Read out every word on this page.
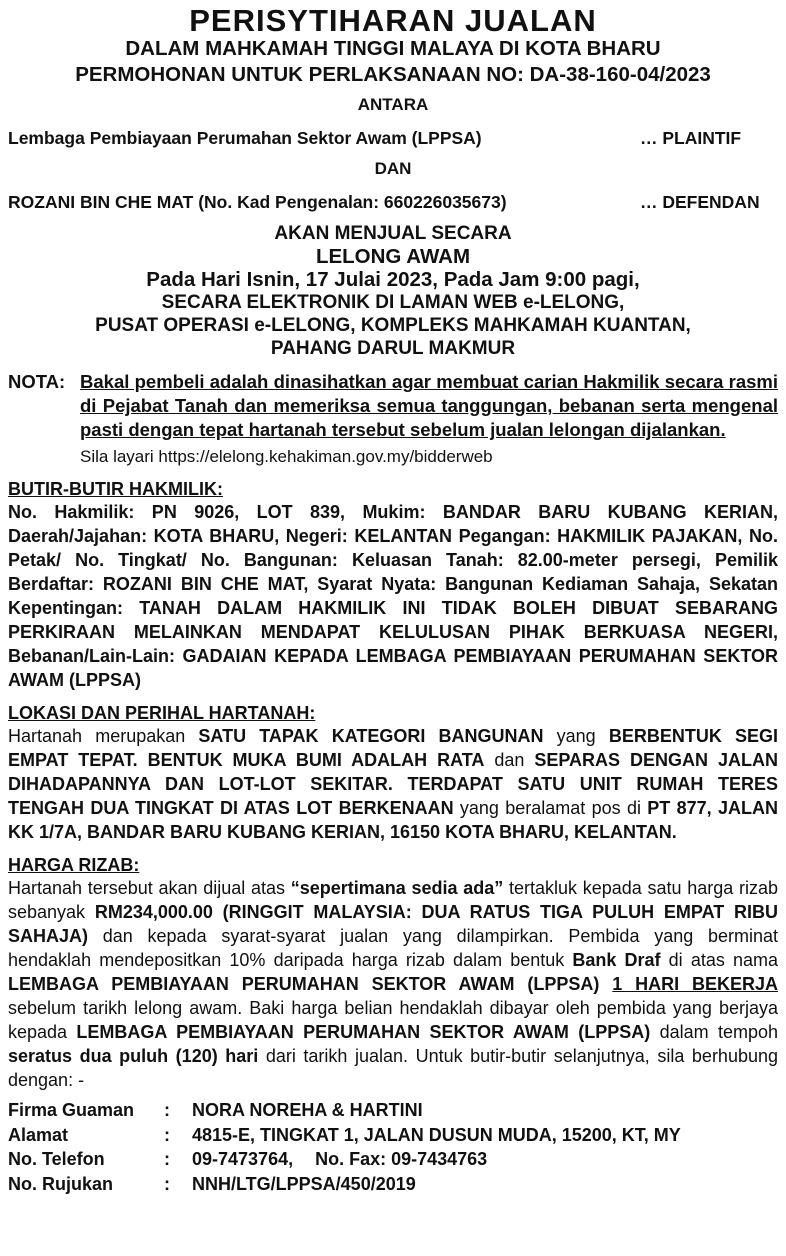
PERISYTIHARAN JUALAN
DALAM MAHKAMAH TINGGI MALAYA DI KOTA BHARU
PERMOHONAN UNTUK PERLAKSANAAN NO: DA-38-160-04/2023
ANTARA
Lembaga Pembiayaan Perumahan Sektor Awam (LPPSA)	… PLAINTIF
DAN
ROZANI BIN CHE MAT (No. Kad Pengenalan: 660226035673)	… DEFENDAN
AKAN MENJUAL SECARA
LELONG AWAM
Pada Hari Isnin, 17 Julai 2023, Pada Jam 9:00 pagi,
SECARA ELEKTRONIK DI LAMAN WEB e-LELONG,
PUSAT OPERASI e-LELONG, KOMPLEKS MAHKAMAH KUANTAN,
PAHANG DARUL MAKMUR
NOTA: Bakal pembeli adalah dinasihatkan agar membuat carian Hakmilik secara rasmi di Pejabat Tanah dan memeriksa semua tanggungan, bebanan serta mengenal pasti dengan tepat hartanah tersebut sebelum jualan lelongan dijalankan.
Sila layari https://elelong.kehakiman.gov.my/bidderweb
BUTIR-BUTIR HAKMILIK:
No. Hakmilik: PN 9026, LOT 839, Mukim: BANDAR BARU KUBANG KERIAN, Daerah/Jajahan: KOTA BHARU, Negeri: KELANTAN Pegangan: HAKMILIK PAJAKAN, No. Petak/ No. Tingkat/ No. Bangunan: Keluasan Tanah: 82.00-meter persegi, Pemilik Berdaftar: ROZANI BIN CHE MAT, Syarat Nyata: Bangunan Kediaman Sahaja, Sekatan Kepentingan: TANAH DALAM HAKMILIK INI TIDAK BOLEH DIBUAT SEBARANG PERKIRAAN MELAINKAN MENDAPAT KELULUSAN PIHAK BERKUASA NEGERI, Bebanan/Lain-Lain: GADAIAN KEPADA LEMBAGA PEMBIAYAAN PERUMAHAN SEKTOR AWAM (LPPSA)
LOKASI DAN PERIHAL HARTANAH:
Hartanah merupakan SATU TAPAK KATEGORI BANGUNAN yang BERBENTUK SEGI EMPAT TEPAT. BENTUK MUKA BUMI ADALAH RATA dan SEPARAS DENGAN JALAN DIHADAPANNYA DAN LOT-LOT SEKITAR. TERDAPAT SATU UNIT RUMAH TERES TENGAH DUA TINGKAT DI ATAS LOT BERKENAAN yang beralamat pos di PT 877, JALAN KK 1/7A, BANDAR BARU KUBANG KERIAN, 16150 KOTA BHARU, KELANTAN.
HARGA RIZAB:
Hartanah tersebut akan dijual atas “sepertimana sedia ada” tertakluk kepada satu harga rizab sebanyak RM234,000.00 (RINGGIT MALAYSIA: DUA RATUS TIGA PULUH EMPAT RIBU SAHAJA) dan kepada syarat-syarat jualan yang dilampirkan. Pembida yang berminat hendaklah mendepositkan 10% daripada harga rizab dalam bentuk Bank Draf di atas nama LEMBAGA PEMBIAYAAN PERUMAHAN SEKTOR AWAM (LPPSA) 1 HARI BEKERJA sebelum tarikh lelong awam. Baki harga belian hendaklah dibayar oleh pembida yang berjaya kepada LEMBAGA PEMBIAYAAN PERUMAHAN SEKTOR AWAM (LPPSA) dalam tempoh seratus dua puluh (120) hari dari tarikh jualan. Untuk butir-butir selanjutnya, sila berhubung dengan: -
Firma Guaman	:	NORA NOREHA & HARTINI
Alamat	:	4815-E, TINGKAT 1, JALAN DUSUN MUDA, 15200, KT, MY
No. Telefon	:	09-7473764, No. Fax: 09-7434763
No. Rujukan	:	NNH/LTG/LPPSA/450/2019
